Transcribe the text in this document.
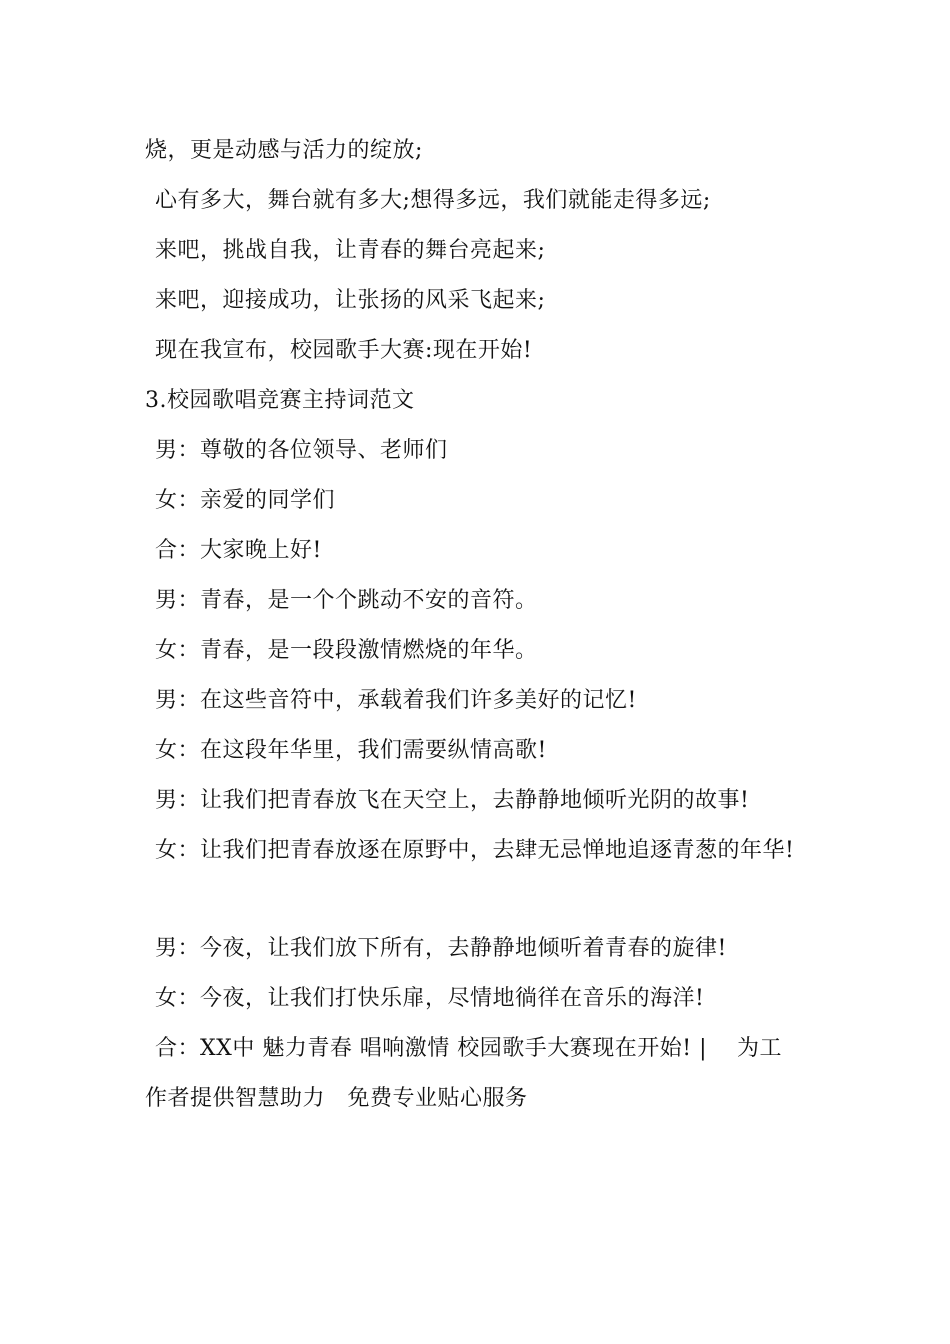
烧，更是动感与活力的绽放;
心有多大，舞台就有多大;想得多远，我们就能走得多远;
来吧，挑战自我，让青春的舞台亮起来;
来吧，迎接成功，让张扬的风采飞起来;
现在我宣布，校园歌手大赛:现在开始!
3.校园歌唱竞赛主持词范文
男：尊敬的各位领导、老师们
女：亲爱的同学们
合：大家晚上好!
男：青春，是一个个跳动不安的音符。
女：青春，是一段段激情燃烧的年华。
男：在这些音符中，承载着我们许多美好的记忆!
女：在这段年华里，我们需要纵情高歌!
男：让我们把青春放飞在天空上，去静静地倾听光阴的故事!
女：让我们把青春放逐在原野中，去肆无忌惮地追逐青葱的年华!
男：今夜，让我们放下所有，去静静地倾听着青春的旋律!
女：今夜，让我们打快乐扉，尽情地徜徉在音乐的海洋!
合：XX中 魅力青春 唱响激情 校园歌手大赛现在开始! |　 为工
作者提供智慧助力　免费专业贴心服务
